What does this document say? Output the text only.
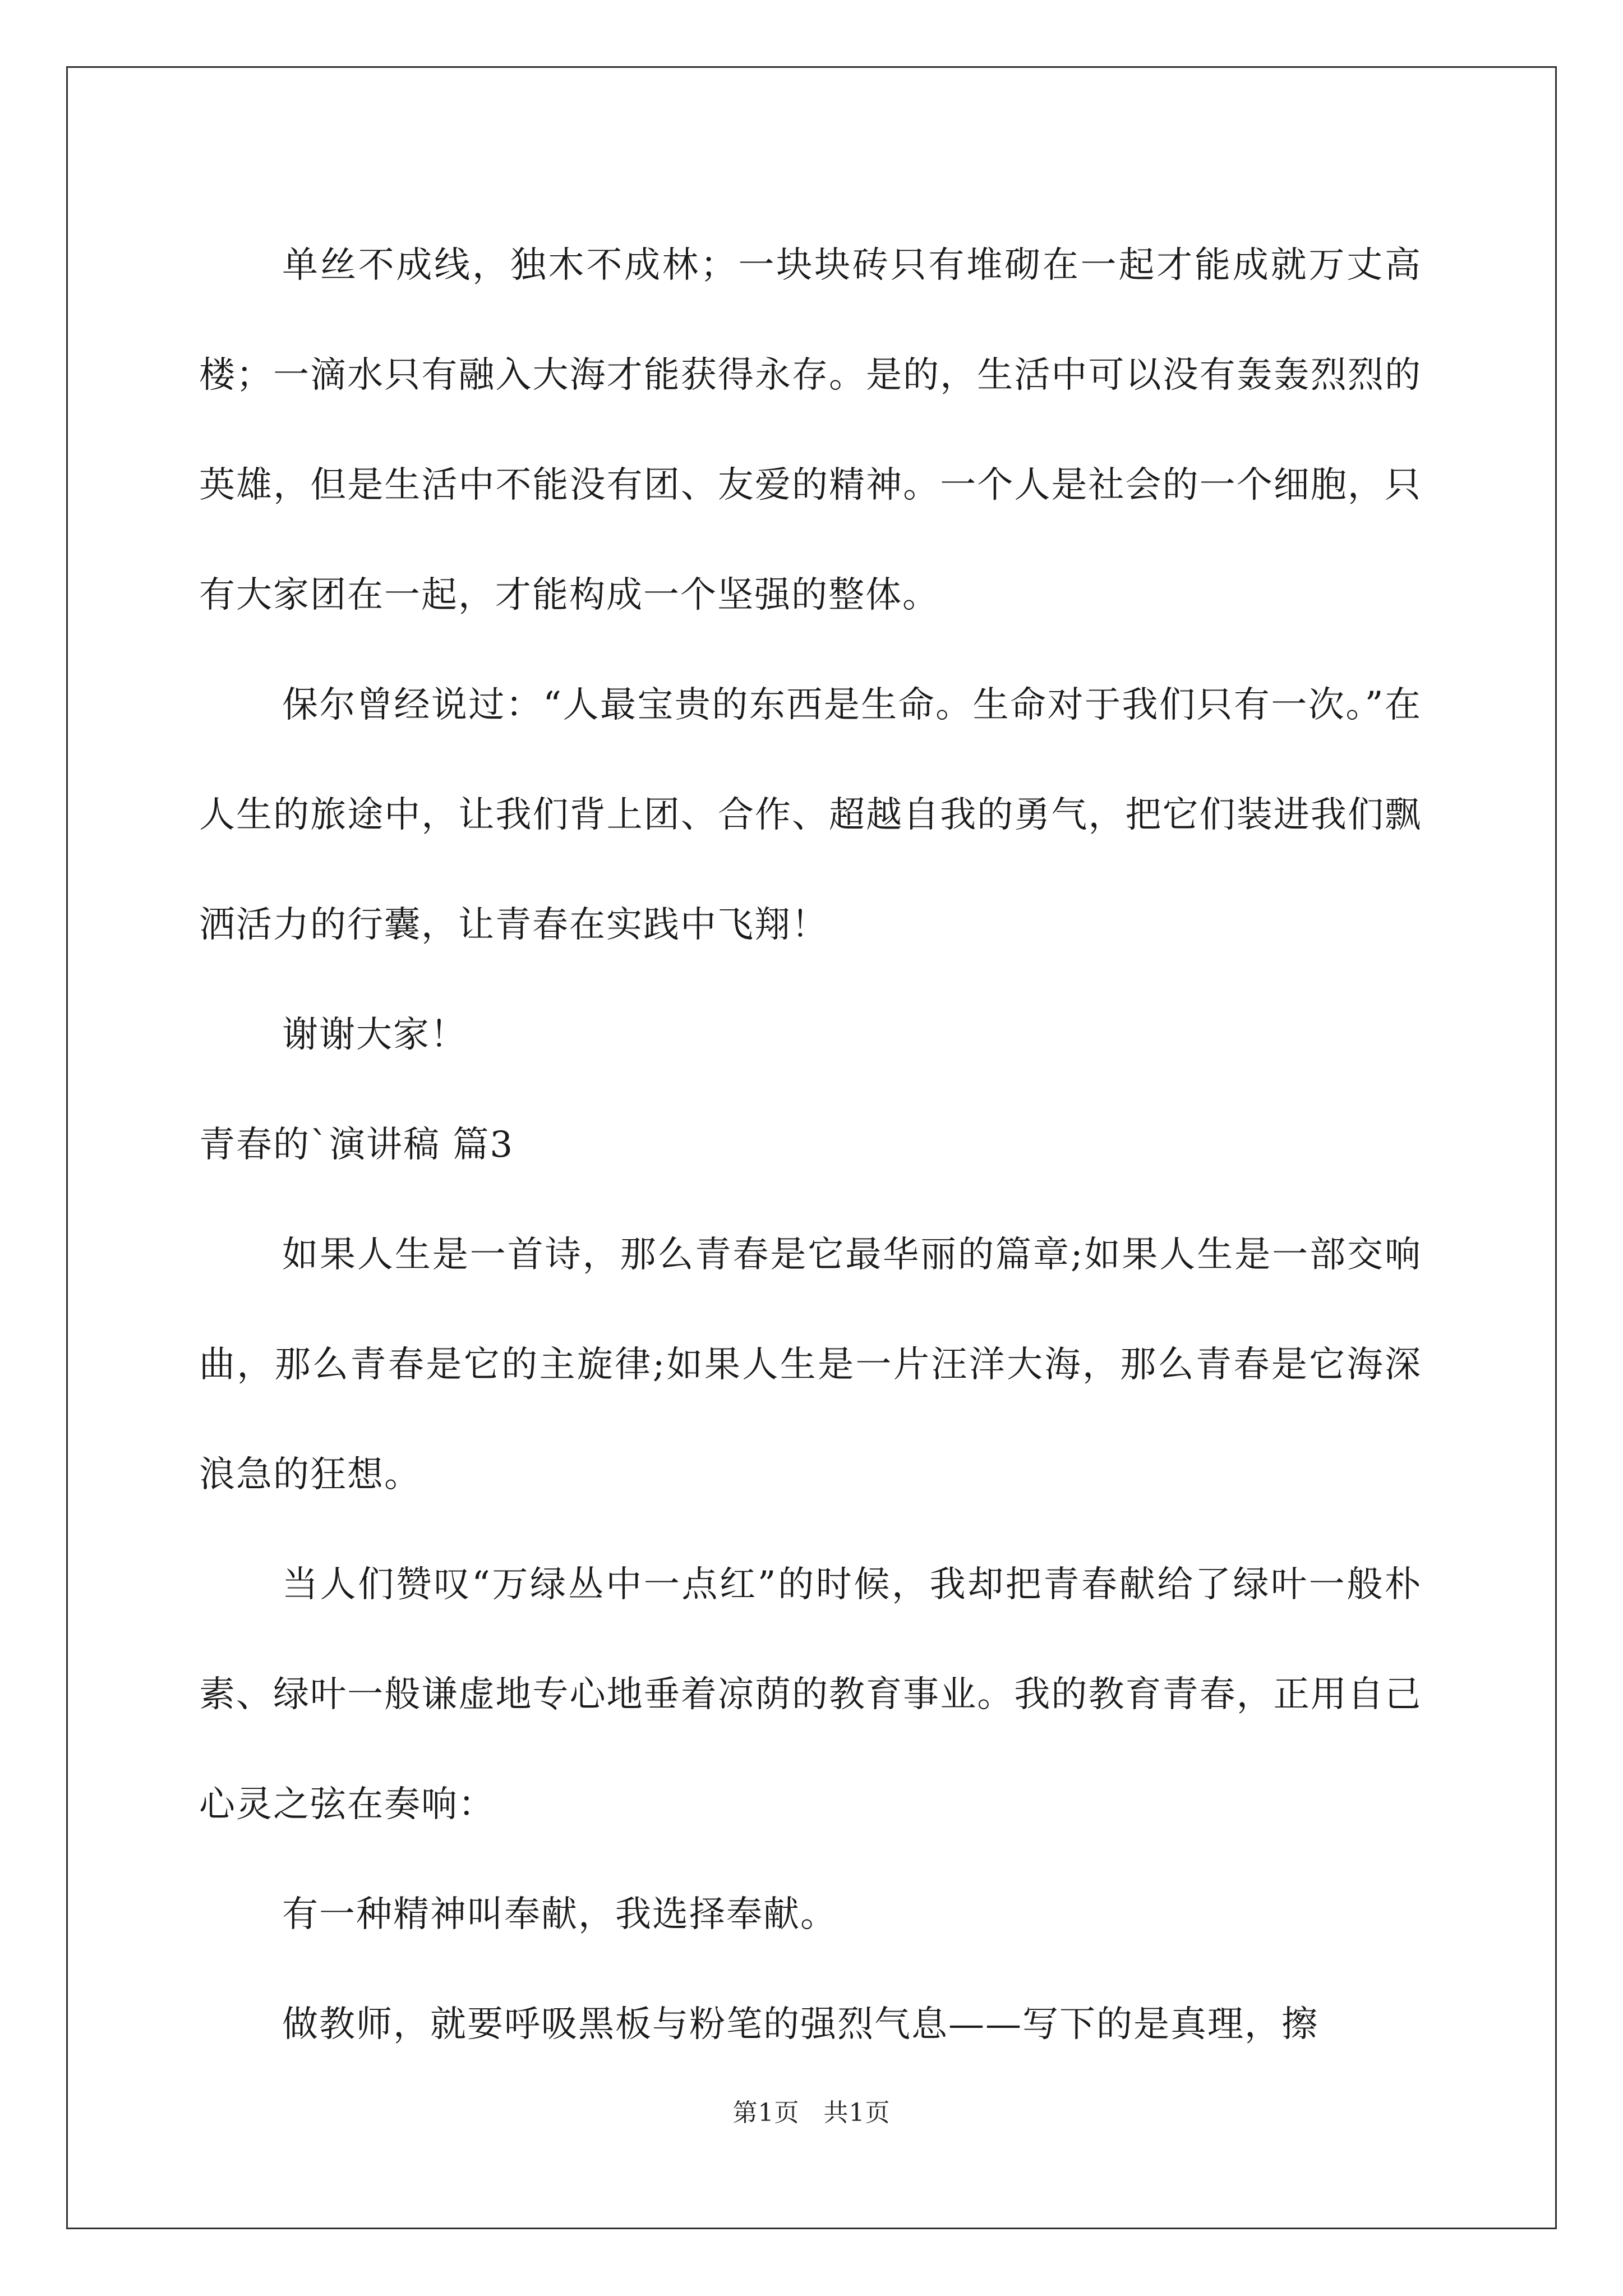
单丝不成线，独木不成林；一块块砖只有堆砌在一起才能成就万丈高楼；一滴水只有融入大海才能获得永存。是的，生活中可以没有轰轰烈烈的英雄，但是生活中不能没有团、友爱的精神。一个人是社会的一个细胞，只有大家团在一起，才能构成一个坚强的整体。

保尔曾经说过：“人最宝贵的东西是生命。生命对于我们只有一次。”在人生的旅途中，让我们背上团、合作、超越自我的勇气，把它们装进我们飘洒活力的行囊，让青春在实践中飞翔！

谢谢大家！

青春的`演讲稿 篇3

如果人生是一首诗，那么青春是它最华丽的篇章;如果人生是一部交响曲，那么青春是它的主旋律;如果人生是一片汪洋大海，那么青春是它海深浪急的狂想。

当人们赞叹“万绿丛中一点红”的时候，我却把青春献给了绿叶一般朴素、绿叶一般谦虚地专心地垂着凉荫的教育事业。我的教育青春，正用自己心灵之弦在奏响：

有一种精神叫奉献，我选择奉献。

做教师，就要呼吸黑板与粉笔的强烈气息——写下的是真理，擦

第1页 共1页
